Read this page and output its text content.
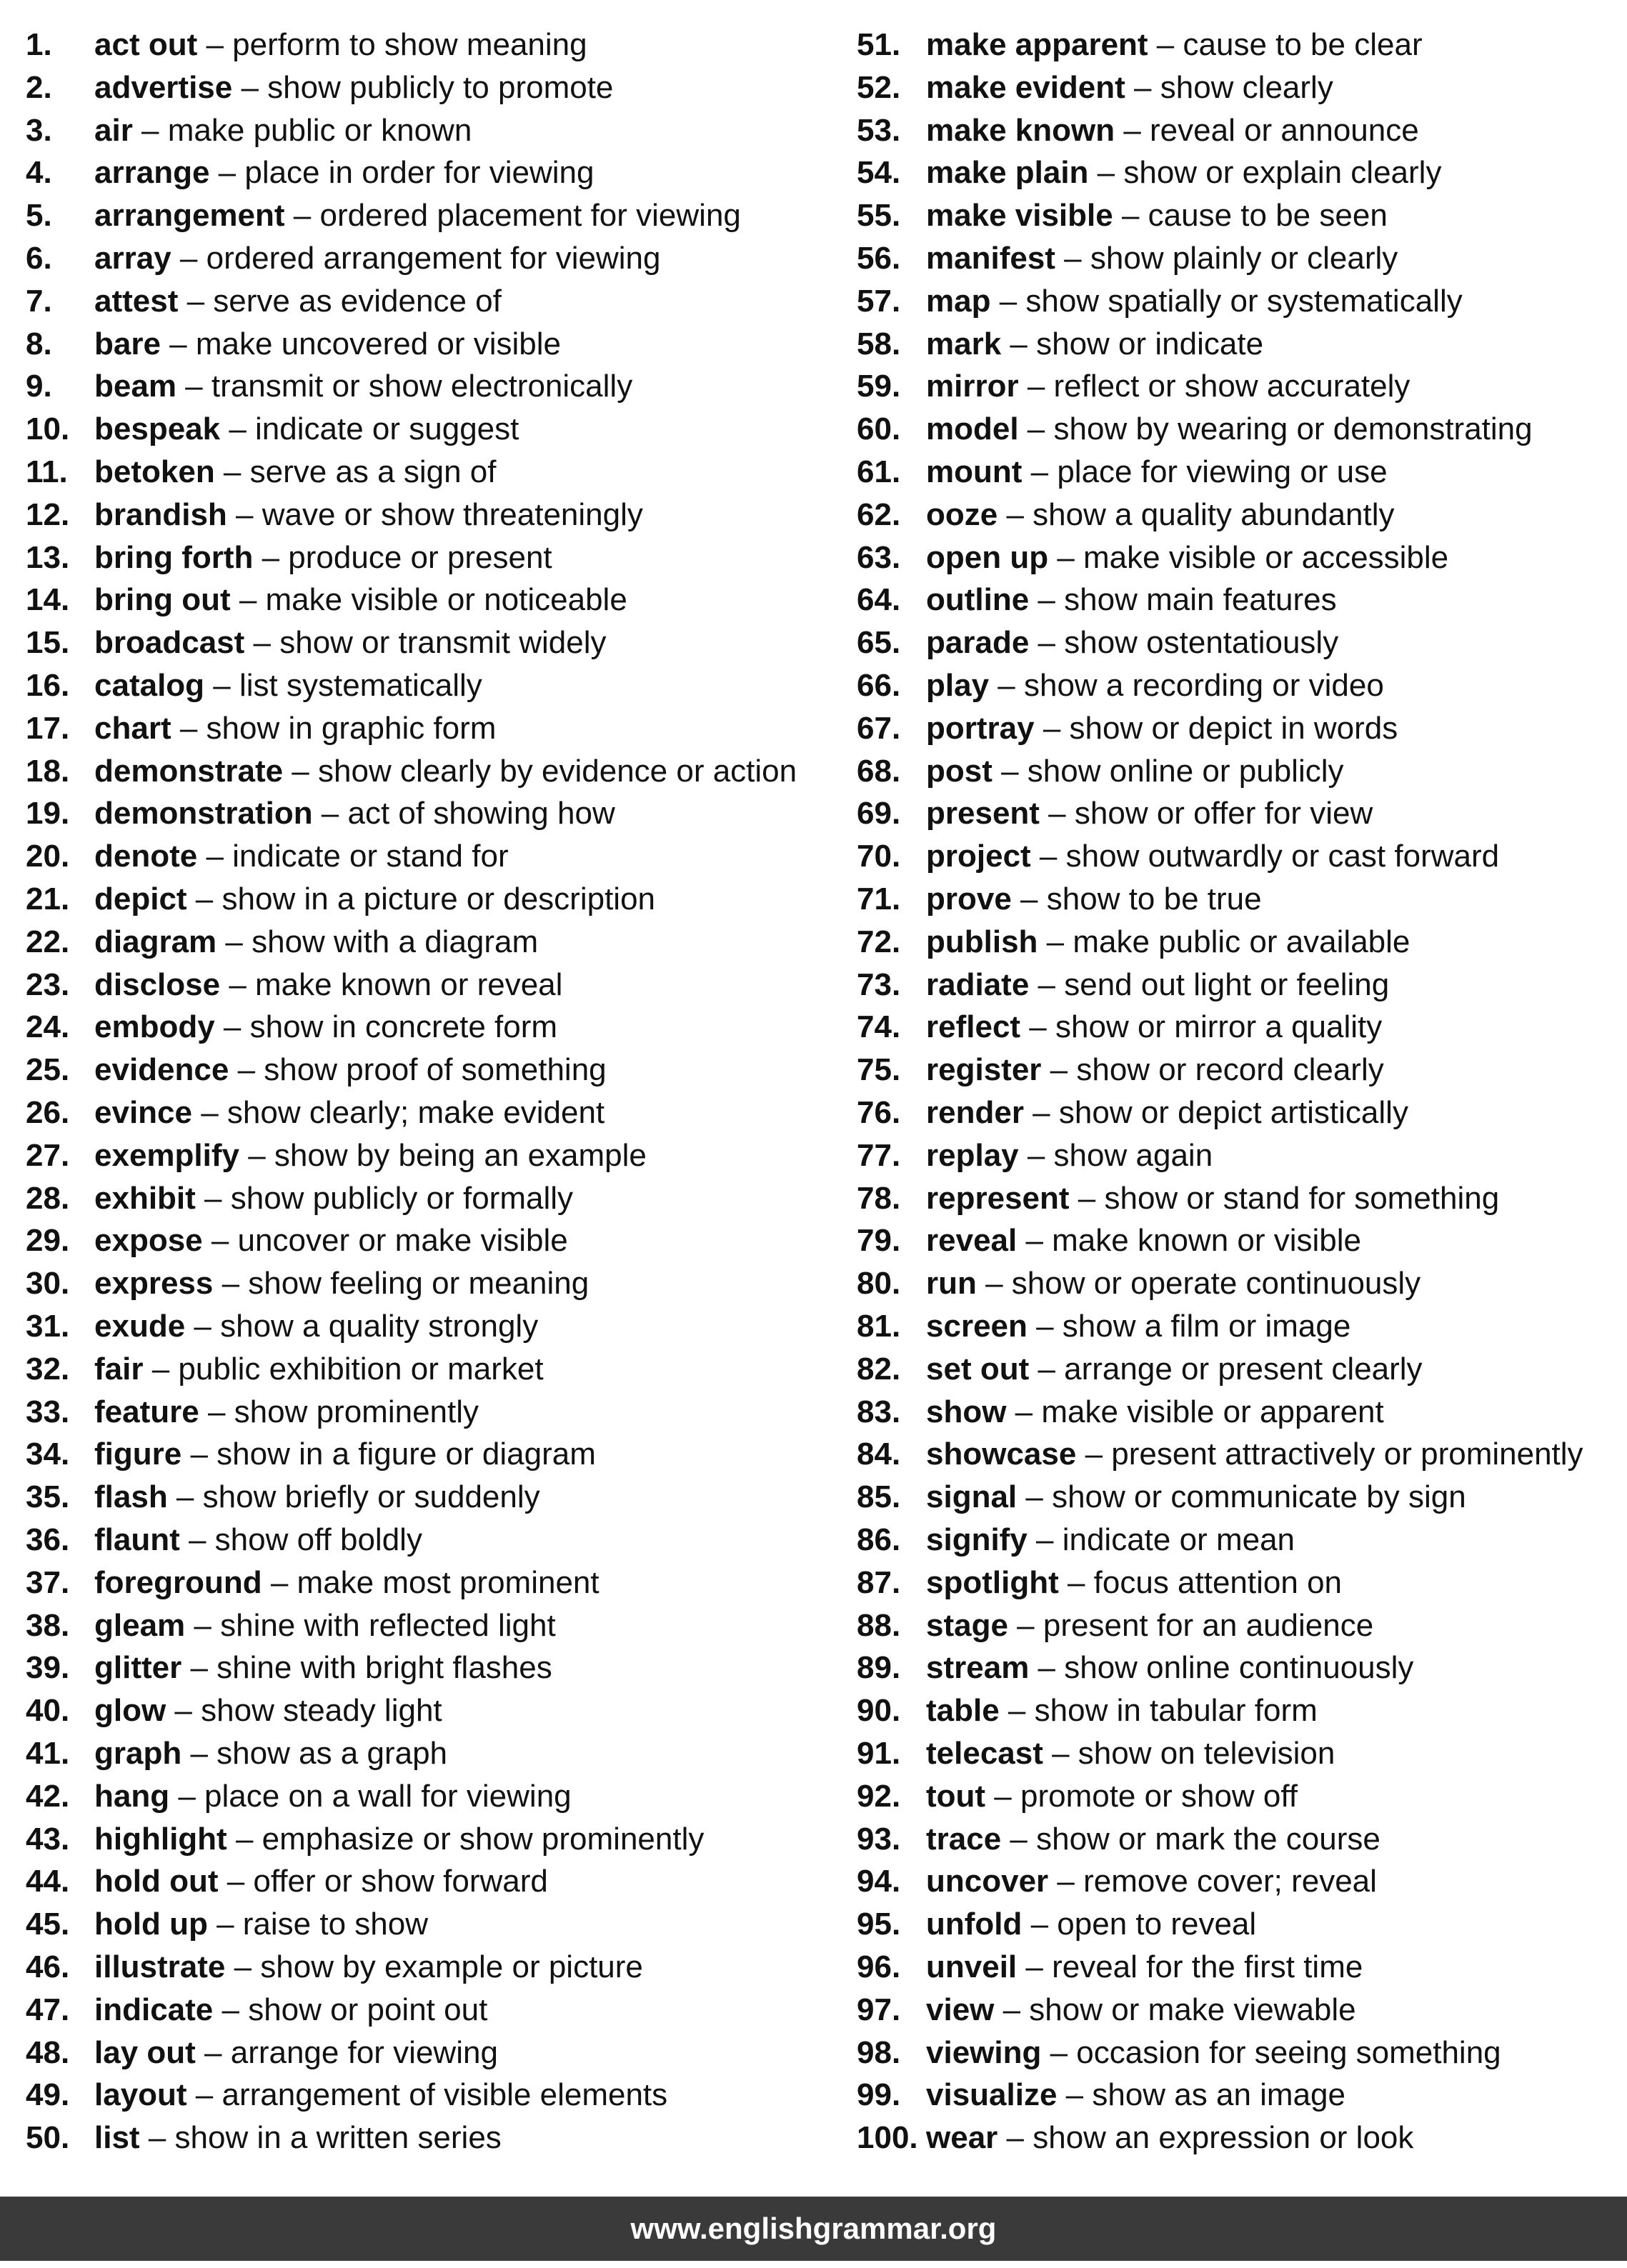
1. act out – perform to show meaning
2. advertise – show publicly to promote
3. air – make public or known
4. arrange – place in order for viewing
5. arrangement – ordered placement for viewing
6. array – ordered arrangement for viewing
7. attest – serve as evidence of
8. bare – make uncovered or visible
9. beam – transmit or show electronically
10. bespeak – indicate or suggest
11. betoken – serve as a sign of
12. brandish – wave or show threateningly
13. bring forth – produce or present
14. bring out – make visible or noticeable
15. broadcast – show or transmit widely
16. catalog – list systematically
17. chart – show in graphic form
18. demonstrate – show clearly by evidence or action
19. demonstration – act of showing how
20. denote – indicate or stand for
21. depict – show in a picture or description
22. diagram – show with a diagram
23. disclose – make known or reveal
24. embody – show in concrete form
25. evidence – show proof of something
26. evince – show clearly; make evident
27. exemplify – show by being an example
28. exhibit – show publicly or formally
29. expose – uncover or make visible
30. express – show feeling or meaning
31. exude – show a quality strongly
32. fair – public exhibition or market
33. feature – show prominently
34. figure – show in a figure or diagram
35. flash – show briefly or suddenly
36. flaunt – show off boldly
37. foreground – make most prominent
38. gleam – shine with reflected light
39. glitter – shine with bright flashes
40. glow – show steady light
41. graph – show as a graph
42. hang – place on a wall for viewing
43. highlight – emphasize or show prominently
44. hold out – offer or show forward
45. hold up – raise to show
46. illustrate – show by example or picture
47. indicate – show or point out
48. lay out – arrange for viewing
49. layout – arrangement of visible elements
50. list – show in a written series
51. make apparent – cause to be clear
52. make evident – show clearly
53. make known – reveal or announce
54. make plain – show or explain clearly
55. make visible – cause to be seen
56. manifest – show plainly or clearly
57. map – show spatially or systematically
58. mark – show or indicate
59. mirror – reflect or show accurately
60. model – show by wearing or demonstrating
61. mount – place for viewing or use
62. ooze – show a quality abundantly
63. open up – make visible or accessible
64. outline – show main features
65. parade – show ostentatiously
66. play – show a recording or video
67. portray – show or depict in words
68. post – show online or publicly
69. present – show or offer for view
70. project – show outwardly or cast forward
71. prove – show to be true
72. publish – make public or available
73. radiate – send out light or feeling
74. reflect – show or mirror a quality
75. register – show or record clearly
76. render – show or depict artistically
77. replay – show again
78. represent – show or stand for something
79. reveal – make known or visible
80. run – show or operate continuously
81. screen – show a film or image
82. set out – arrange or present clearly
83. show – make visible or apparent
84. showcase – present attractively or prominently
85. signal – show or communicate by sign
86. signify – indicate or mean
87. spotlight – focus attention on
88. stage – present for an audience
89. stream – show online continuously
90. table – show in tabular form
91. telecast – show on television
92. tout – promote or show off
93. trace – show or mark the course
94. uncover – remove cover; reveal
95. unfold – open to reveal
96. unveil – reveal for the first time
97. view – show or make viewable
98. viewing – occasion for seeing something
99. visualize – show as an image
100. wear – show an expression or look
www.englishgrammar.org
